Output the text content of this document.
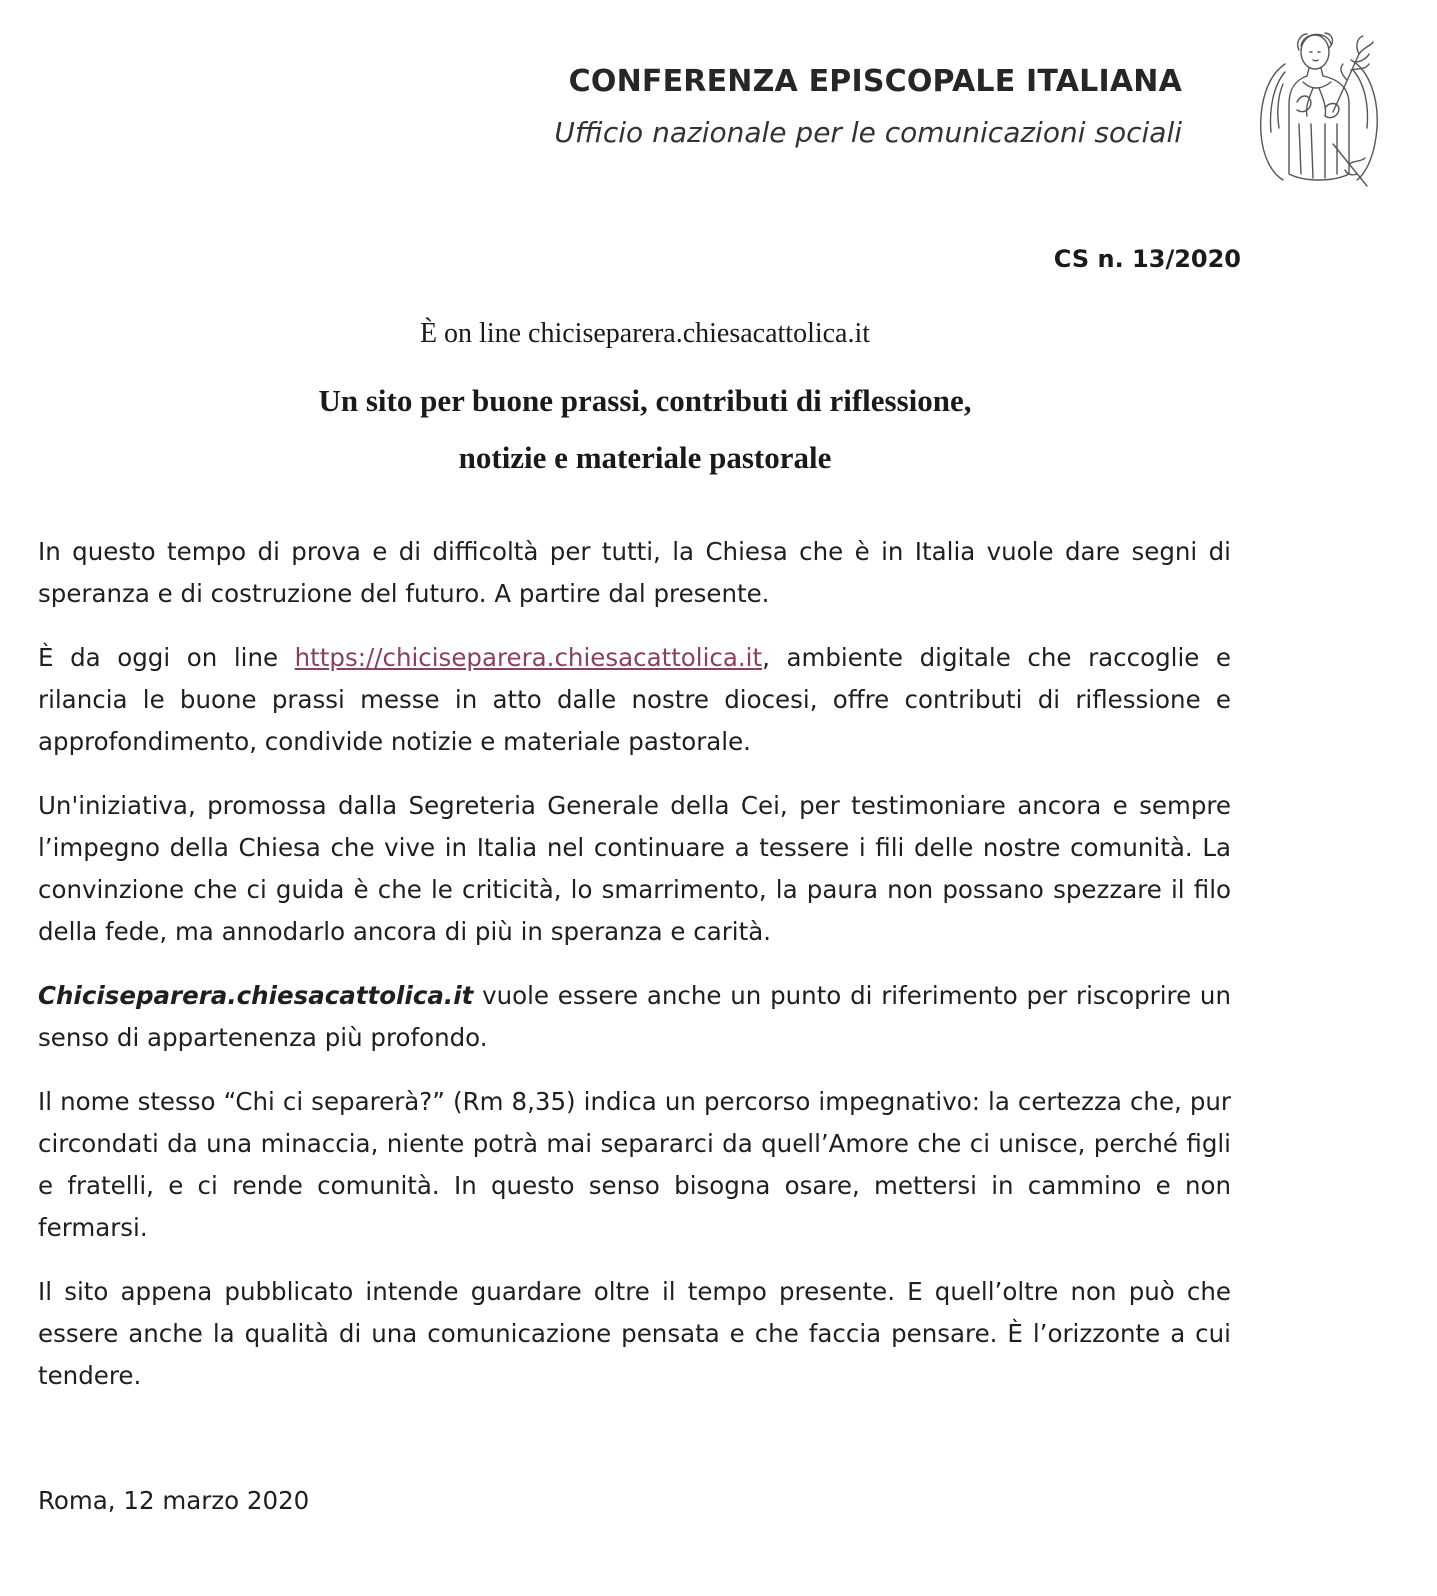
CONFERENZA EPISCOPALE ITALIANA
Ufficio nazionale per le comunicazioni sociali
CS n. 13/2020
È on line chiciseparera.chiesacattolica.it
Un sito per buone prassi, contributi di riflessione,
notizie e materiale pastorale

In questo tempo di prova e di difficoltà per tutti, la Chiesa che è in Italia vuole dare segni di speranza e di costruzione del futuro. A partire dal presente.

È da oggi on line https://chiciseparera.chiesacattolica.it, ambiente digitale che raccoglie e rilancia le buone prassi messe in atto dalle nostre diocesi, offre contributi di riflessione e approfondimento, condivide notizie e materiale pastorale.

Un'iniziativa, promossa dalla Segreteria Generale della Cei, per testimoniare ancora e sempre l’impegno della Chiesa che vive in Italia nel continuare a tessere i fili delle nostre comunità. La convinzione che ci guida è che le criticità, lo smarrimento, la paura non possano spezzare il filo della fede, ma annodarlo ancora di più in speranza e carità.

Chiciseparera.chiesacattolica.it vuole essere anche un punto di riferimento per riscoprire un senso di appartenenza più profondo.

Il nome stesso “Chi ci separerà?” (Rm 8,35) indica un percorso impegnativo: la certezza che, pur circondati da una minaccia, niente potrà mai separarci da quell’Amore che ci unisce, perché figli e fratelli, e ci rende comunità. In questo senso bisogna osare, mettersi in cammino e non fermarsi.

Il sito appena pubblicato intende guardare oltre il tempo presente. E quell’oltre non può che essere anche la qualità di una comunicazione pensata e che faccia pensare. È l’orizzonte a cui tendere.

Roma, 12 marzo 2020
